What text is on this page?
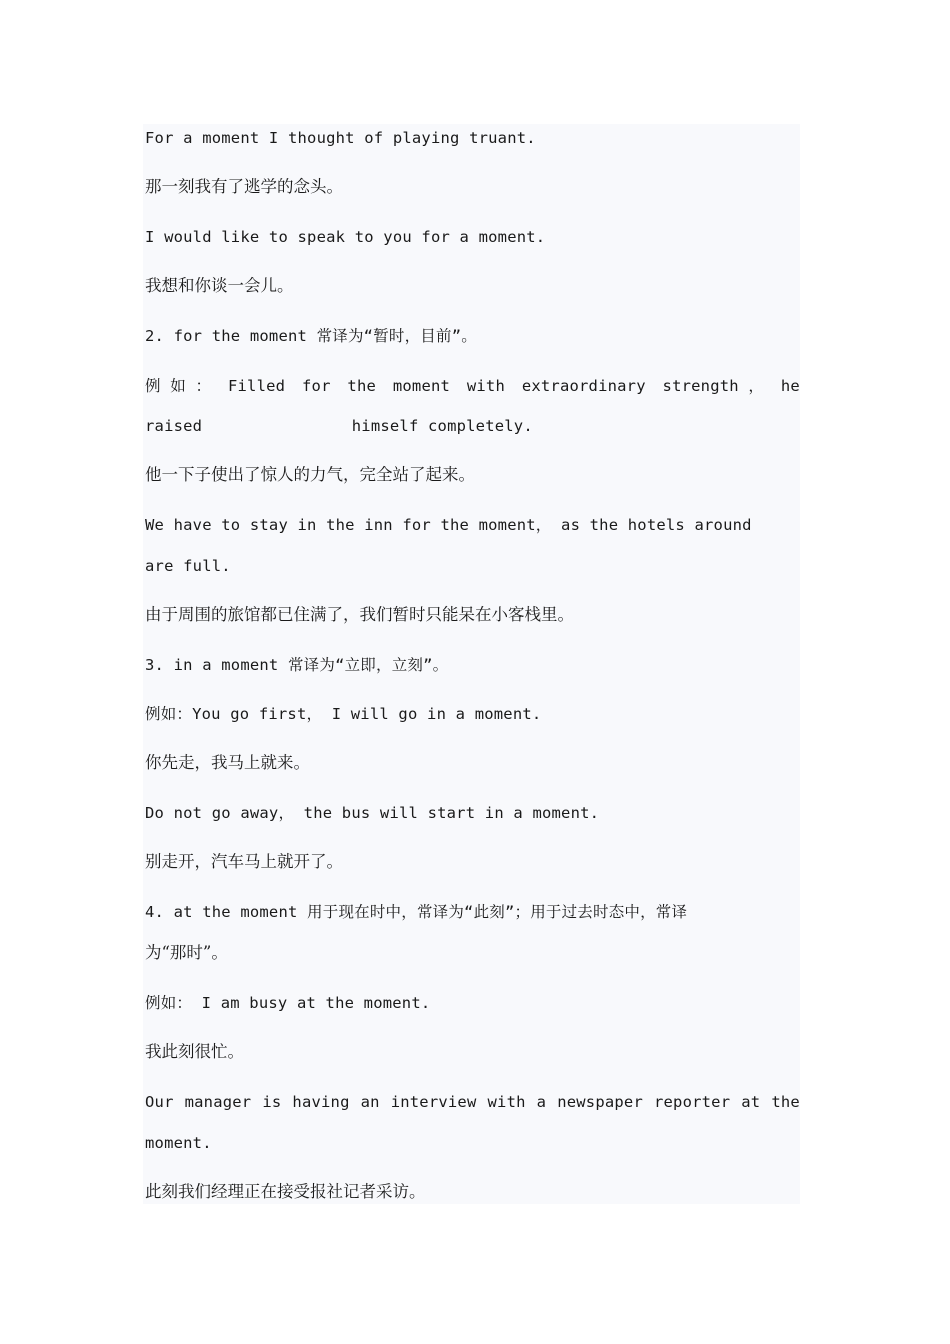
For a moment I thought of playing truant.
那一刻我有了逃学的念头。
I would like to speak to you for a moment.
我想和你谈一会儿。
2. for the moment 常译为“暂时，目前”。
例 如 ： Filled for the moment with extraordinary strength ， he
raised	himself completely.
他一下子使出了惊人的力气，完全站了起来。
We have to stay in the inn for the moment， as the hotels around
are full.
由于周围的旅馆都已住满了，我们暂时只能呆在小客栈里。
3. in a moment 常译为“立即，立刻”。
例如：You go first， I will go in a moment.
你先走，我马上就来。
Do not go away， the bus will start in a moment.
别走开，汽车马上就开了。
4. at the moment 用于现在时中，常译为“此刻”；用于过去时态中，常译
为“那时”。
例如： I am busy at the moment.
我此刻很忙。
Our manager is having an interview with a newspaper reporter at the
moment.
此刻我们经理正在接受报社记者采访。
